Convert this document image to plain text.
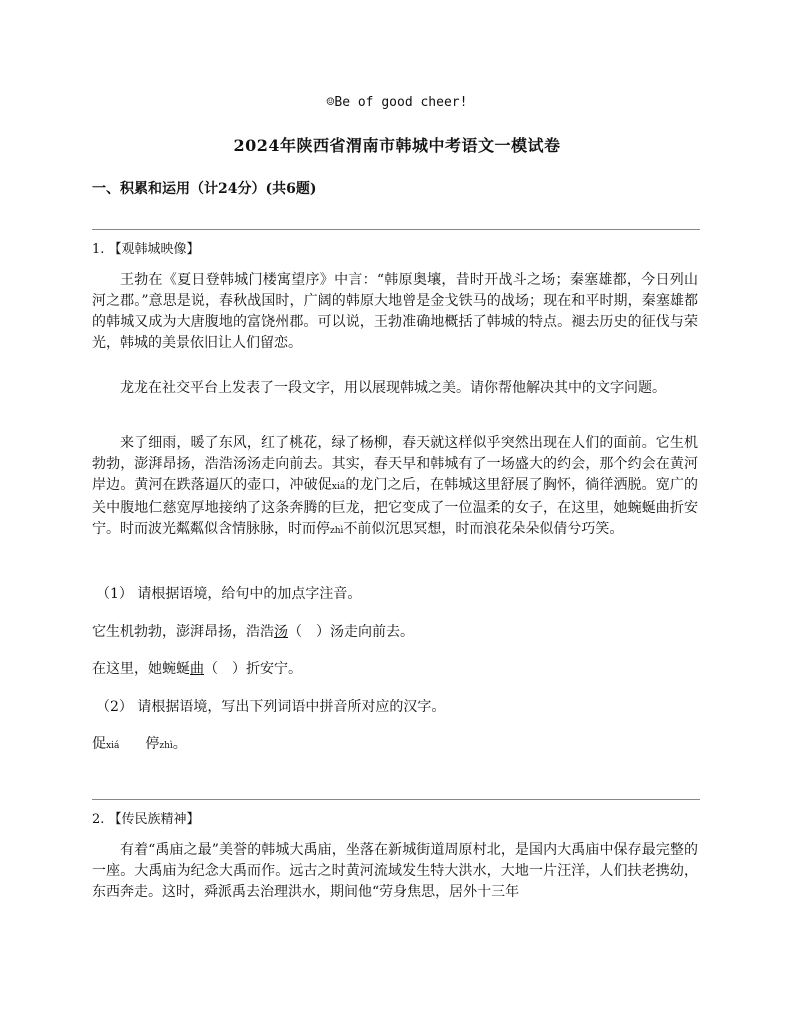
☺Be of good cheer!
2024年陕西省渭南市韩城中考语文一模试卷
一、积累和运用（计24分）(共6题)
1. 【观韩城映像】

王勃在《夏日登韩城门楼寓望序》中言：“韩原奥壤，昔时开战斗之场；秦塞雄都，今日列山河之郡。”意思是说，春秋战国时，广阔的韩原大地曾是金戈铁马的战场；现在和平时期，秦塞雄都的韩城又成为大唐腹地的富饶州郡。可以说，王勃准确地概括了韩城的特点。褪去历史的征伐与荣光，韩城的美景依旧让人们留恋。

龙龙在社交平台上发表了一段文字，用以展现韩城之美。请你帮他解决其中的文字问题。

来了细雨，暖了东风，红了桃花，绿了杨柳，春天就这样似乎突然出现在人们的面前。它生机勃勃，澎湃昂扬，浩浩汤汤走向前去。其实，春天早和韩城有了一场盛大的约会，那个约会在黄河岸边。黄河在跌落逼仄的壶口，冲破促xiá的龙门之后，在韩城这里舒展了胸怀，徜徉洒脱。宽广的关中腹地仁慈宽厚地接纳了这条奔腾的巨龙，把它变成了一位温柔的女子，在这里，她蜿蜒曲折安宁。时而波光粼粼似含情脉脉，时而停zhì不前似沉思冥想，时而浪花朵朵似倩兮巧笑。

（1） 请根据语境，给句中的加点字注音。
它生机勃勃，澎湃昂扬，浩浩汤（　）汤走向前去。
在这里，她蜿蜒曲（　）折安宁。
（2） 请根据语境，写出下列词语中拼音所对应的汉字。
促xiá 停zhì。
2. 【传民族精神】

有着“禹庙之最”美誉的韩城大禹庙，坐落在新城街道周原村北，是国内大禹庙中保存最完整的一座。大禹庙为纪念大禹而作。远古之时黄河流域发生特大洪水，大地一片汪洋，人们扶老携幼，东西奔走。这时，舜派禹去治理洪水，期间他“劳身焦思，居外十三年
